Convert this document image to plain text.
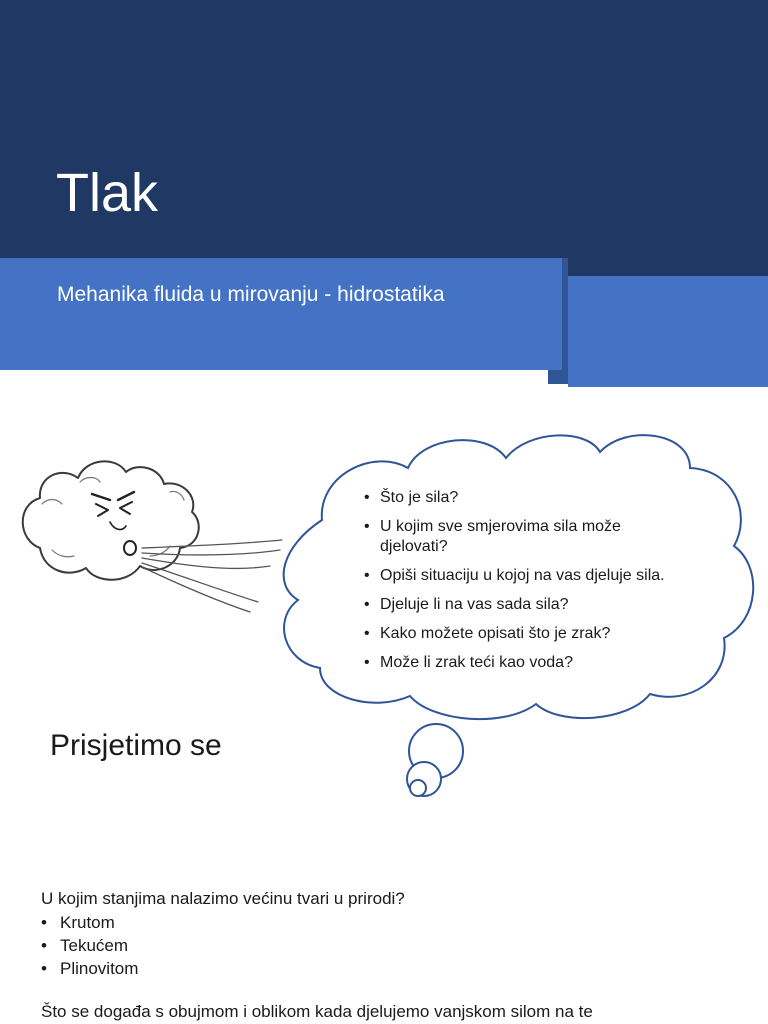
Tlak
Mehanika fluida u mirovanju - hidrostatika
• Što je sila?
• U kojim sve smjerovima sila može djelovati?
• Opiši situaciju u kojoj na vas djeluje sila.
• Djeluje li na vas sada sila?
• Kako možete opisati što je zrak?
• Može li zrak teći kao voda?
Prisjetimo se
U kojim stanjima nalazimo većinu tvari u prirodi?
• Krutom
• Tekućem
• Plinovitom
Što se događa s obujmom i oblikom kada djelujemo vanjskom silom na te
